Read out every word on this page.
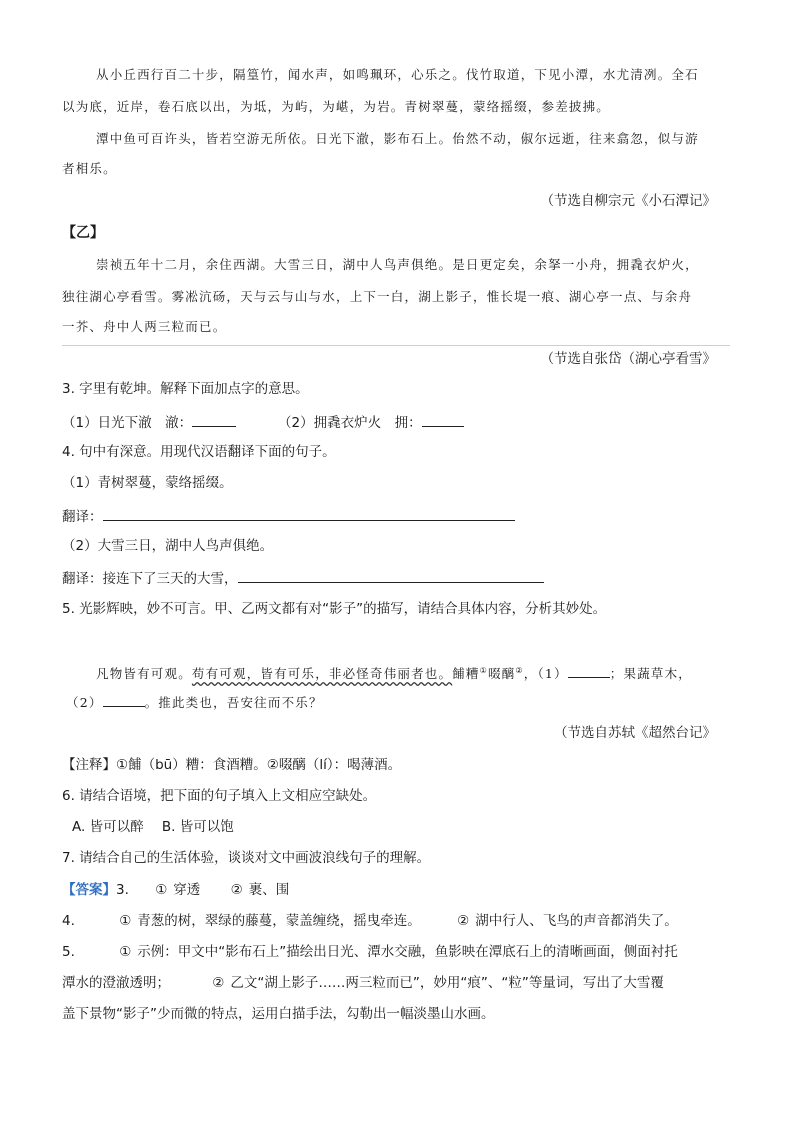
从小丘西行百二十步，隔篁竹，闻水声，如鸣珮环，心乐之。伐竹取道，下见小潭，水尤清冽。全石
以为底，近岸，卷石底以出，为坻，为屿，为嵁，为岩。青树翠蔓，蒙络摇缀，参差披拂。
潭中鱼可百许头，皆若空游无所依。日光下澈，影布石上。佁然不动，俶尔远逝，往来翕忽，似与游
者相乐。
（节选自柳宗元《小石潭记》
【乙】
崇祯五年十二月，余住西湖。大雪三日，湖中人鸟声俱绝。是日更定矣，余拏一小舟，拥毳衣炉火，
独往湖心亭看雪。雾凇沆砀，天与云与山与水，上下一白，湖上影子，惟长堤一痕、湖心亭一点、与余舟
一芥、舟中人两三粒而已。
（节选自张岱（湖心亭看雪》
3. 字里有乾坤。解释下面加点字的意思。
（1）日光下澈　澈：	（2）拥毳衣炉火　拥：
4. 句中有深意。用现代汉语翻译下面的句子。
（1）青树翠蔓，蒙络摇缀。
翻译：
（2）大雪三日，湖中人鸟声俱绝。
翻译：接连下了三天的大雪，
5. 光影辉映，妙不可言。甲、乙两文都有对“影子”的描写，请结合具体内容，分析其妙处。
凡物皆有可观。苟有可观，皆有可乐，非必怪奇伟丽者也。餔糟①啜醨②，（1）	；果蔬草木，
（2）	。推此类也，吾安往而不乐？
（节选自苏轼《超然台记》
【注释】①餔（bū）糟：食酒糟。②啜醨（lí）：喝薄酒。
6. 请结合语境，把下面的句子填入上文相应空缺处。
A. 皆可以醉 B. 皆可以饱
7. 请结合自己的生活体验，谈谈对文中画波浪线句子的理解。
【答案】3. ① 穿透 ② 裹、围
4.	① 青葱的树，翠绿的藤蔓，蒙盖缠绕，摇曳牵连。	② 湖中行人、飞鸟的声音都消失了。
5.	① 示例：甲文中“影布石上”描绘出日光、潭水交融，鱼影映在潭底石上的清晰画面，侧面衬托
潭水的澄澈透明；	② 乙文“湖上影子……两三粒而已”，妙用“痕”、“粒”等量词，写出了大雪覆
盖下景物“影子”少而微的特点，运用白描手法，勾勒出一幅淡墨山水画。
